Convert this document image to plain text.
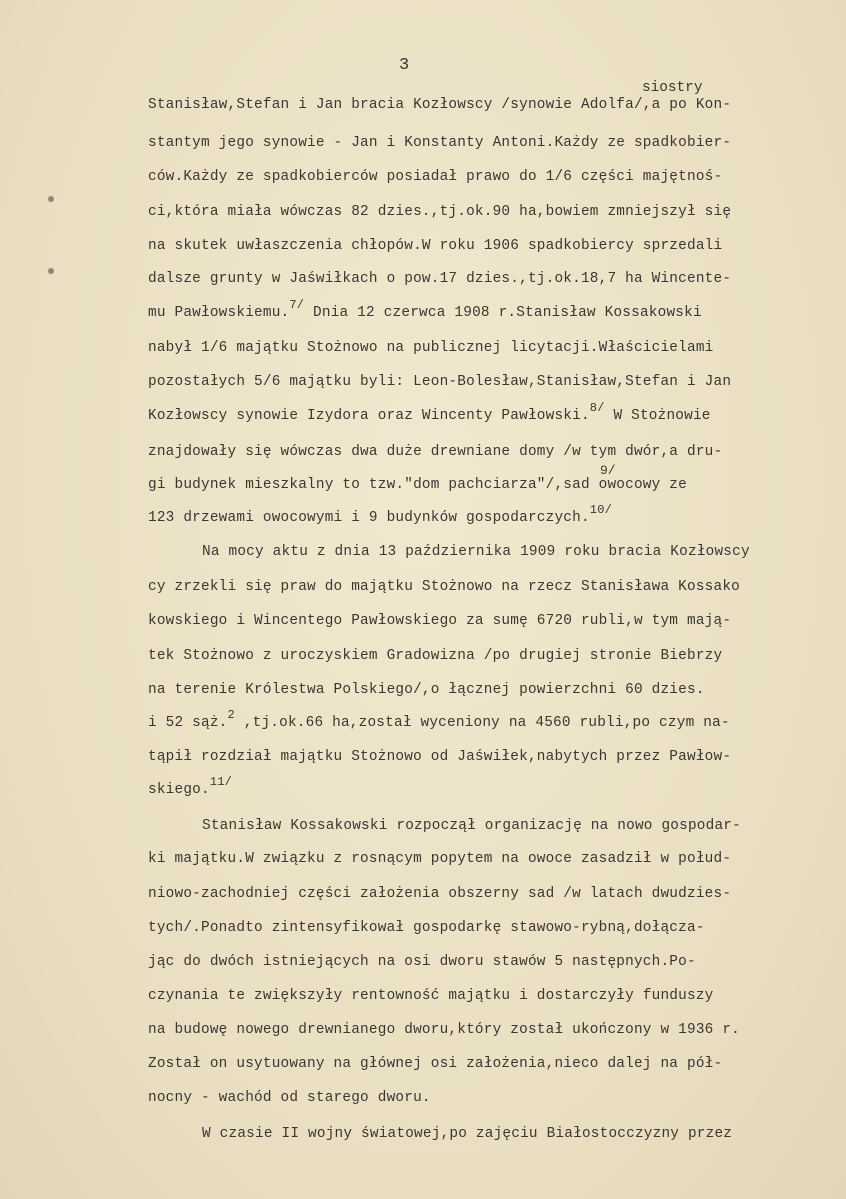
3
siostry
9/
Stanisław,Stefan i Jan bracia Kozłowscy /synowie Adolfa/,a po Kon-
stantym jego synowie - Jan i Konstanty Antoni.Każdy ze spadkobier-
ców.Każdy ze spadkobierców posiadał prawo do 1/6 części majętnoś-
ci,która miała wówczas 82 dzies.,tj.ok.90 ha,bowiem zmniejszył się
na skutek uwłaszczenia chłopów.W roku 1906 spadkobiercy sprzedali
dalsze grunty w Jaświłkach o pow.17 dzies.,tj.ok.18,7 ha Wincente-
mu Pawłowskiemu.$^{7/}$ Dnia 12 czerwca 1908 r.Stanisław Kossakowski
nabył 1/6 majątku Stożnowo na publicznej licytacji.Właścicielami
pozostałych 5/6 majątku byli: Leon-Bolesław,Stanisław,Stefan i Jan
Kozłowscy synowie Izydora oraz Wincenty Pawłowski.$^{8/}$ W Stożnowie
znajdowały się wówczas dwa duże drewniane domy /w tym dwór,a dru-
gi budynek mieszkalny to tzw."dom pachciarza"/,sad owocowy ze
123 drzewami owocowymi i 9 budynków gospodarczych.$^{10/}$
Na mocy aktu z dnia 13 października 1909 roku bracia Kozłowscy
cy zrzekli się praw do majątku Stożnowo na rzecz Stanisława Kossako
kowskiego i Wincentego Pawłowskiego za sumę 6720 rubli,w tym mają-
tek Stożnowo z uroczyskiem Gradowizna /po drugiej stronie Biebrzy
na terenie Królestwa Polskiego/,o łącznej powierzchni 60 dzies.
i 52 sąż.$^2$ ,tj.ok.66 ha,został wyceniony na 4560 rubli,po czym na-
tąpił rozdział majątku Stożnowo od Jaświłek,nabytych przez Pawłow-
skiego.$^{11/}$
Stanisław Kossakowski rozpoczął organizację na nowo gospodar-
ki majątku.W związku z rosnącym popytem na owoce zasadził w połud-
niowo-zachodniej części założenia obszerny sad /w latach dwudzies-
tych/.Ponadto zintensyfikował gospodarkę stawowo-rybną,dołącza-
jąc do dwóch istniejących na osi dworu stawów 5 następnych.Po-
czynania te zwiększyły rentowność majątku i dostarczyły funduszy
na budowę nowego drewnianego dworu,który został ukończony w 1936 r.
Został on usytuowany na głównej osi założenia,nieco dalej na pół-
nocny - wachód od starego dworu.
W czasie II wojny światowej,po zajęciu Białostocczyzny przez
